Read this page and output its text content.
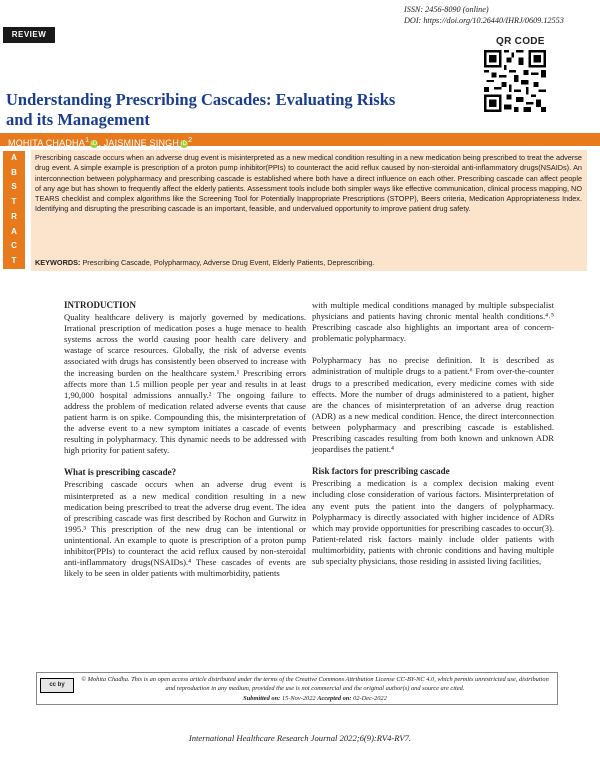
REVIEW
ISSN: 2456-8090 (online)
DOI: https://doi.org/10.26440/IHRJ/0609.12553
QR CODE
Understanding Prescribing Cascades: Evaluating Risks and its Management
MOHITA CHADHA$^1$ iD, JAISMINE SINGH $iD^2$
A
B
S
T
R
A
C
T
Prescribing cascade occurs when an adverse drug event is misinterpreted as a new medical condition resulting in a new medication being prescribed to treat the adverse drug event. A simple example is prescription of a proton pump inhibitor(PPIs) to counteract the acid reflux caused by non-steroidal anti-inflammatory drugs(NSAIDs). An interconnection between polypharmacy and prescribing cascade is established where both have a direct influence on each other. Prescribing cascade can affect people of any age but has shown to frequently affect the elderly patients. Assessment tools include both simpler ways like effective communication, clinical process mapping, NO TEARS checklist and complex algorithms like the Screening Tool for Potentially Inappropriate Prescriptions (STOPP), Beers criteria, Medication Appropriateness Index. Identifying and disrupting the prescribing cascade is an important, feasible, and undervalued opportunity to improve patient drug safety.
KEYWORDS: Prescribing Cascade, Polypharmacy, Adverse Drug Event, Elderly Patients, Deprescribing.
INTRODUCTION

Quality healthcare delivery is majorly governed by medications. Irrational prescription of medication poses a huge menace to health systems across the world causing poor health care delivery and wastage of scarce resources. Globally, the risk of adverse events associated with drugs has consistently been observed to increase with the increasing burden on the healthcare system.¹ Prescribing errors affects more than 1.5 million people per year and results in at least 1,90,000 hospital admissions annually.² The ongoing failure to address the problem of medication related adverse events that cause patient harm is on spike. Compounding this, the misinterpretation of the adverse event to a new symptom initiates a cascade of events resulting in polypharmacy. This dynamic needs to be addressed with high priority for patient safety.

What is prescribing cascade?

Prescribing cascade occurs when an adverse drug event is misinterpreted as a new medical condition resulting in a new medication being prescribed to treat the adverse drug event. The idea of prescribing cascade was first described by Rochon and Gurwitz in 1995.³ This prescription of the new drug can be intentional or unintentional. An example to quote is prescription of a proton pump inhibitor(PPIs) to counteract the acid reflux caused by non-steroidal anti-inflammatory drugs(NSAIDs).⁴ These cascades of events are likely to be seen in older patients with multimorbidity, patients

with multiple medical conditions managed by multiple subspecialist physicians and patients having chronic mental health conditions.⁴˒⁵ Prescribing cascade also highlights an important area of concern- problematic polypharmacy.

Polypharmacy has no precise definition. It is described as administration of multiple drugs to a patient.⁶ From over-the-counter drugs to a prescribed medication, every medicine comes with side effects. More the number of drugs administered to a patient, higher are the chances of misinterpretation of an adverse drug reaction (ADR) as a new medical condition. Hence, the direct interconnection between polypharmacy and prescribing cascade is established. Prescribing cascades resulting from both known and unknown ADR jeopardises the patient.⁴

Risk factors for prescribing cascade

Prescribing a medication is a complex decision making event including close consideration of various factors. Misinterpretation of any event puts the patient into the dangers of polypharmacy. Polypharmacy is directly associated with higher incidence of ADRs which may provide opportunities for prescribing cascades to occur(3). Patient-related risk factors mainly include older patients with multimorbidity, patients with chronic conditions and having multiple sub specialty physicians, those residing in assisted living facilities,

cc by
© Mohita Chadha. This is an open access article distributed under the terms of the Creative Commons Attribution License CC-BY-NC 4.0, which permits unrestricted use, distribution and reproduction in any medium, provided the use is not commercial and the original author(s) and source are cited.
Submitted on: 15-Nov-2022 Accepted on: 02-Dec-2022
International Healthcare Research Journal 2022;6(9):RV4-RV7.
